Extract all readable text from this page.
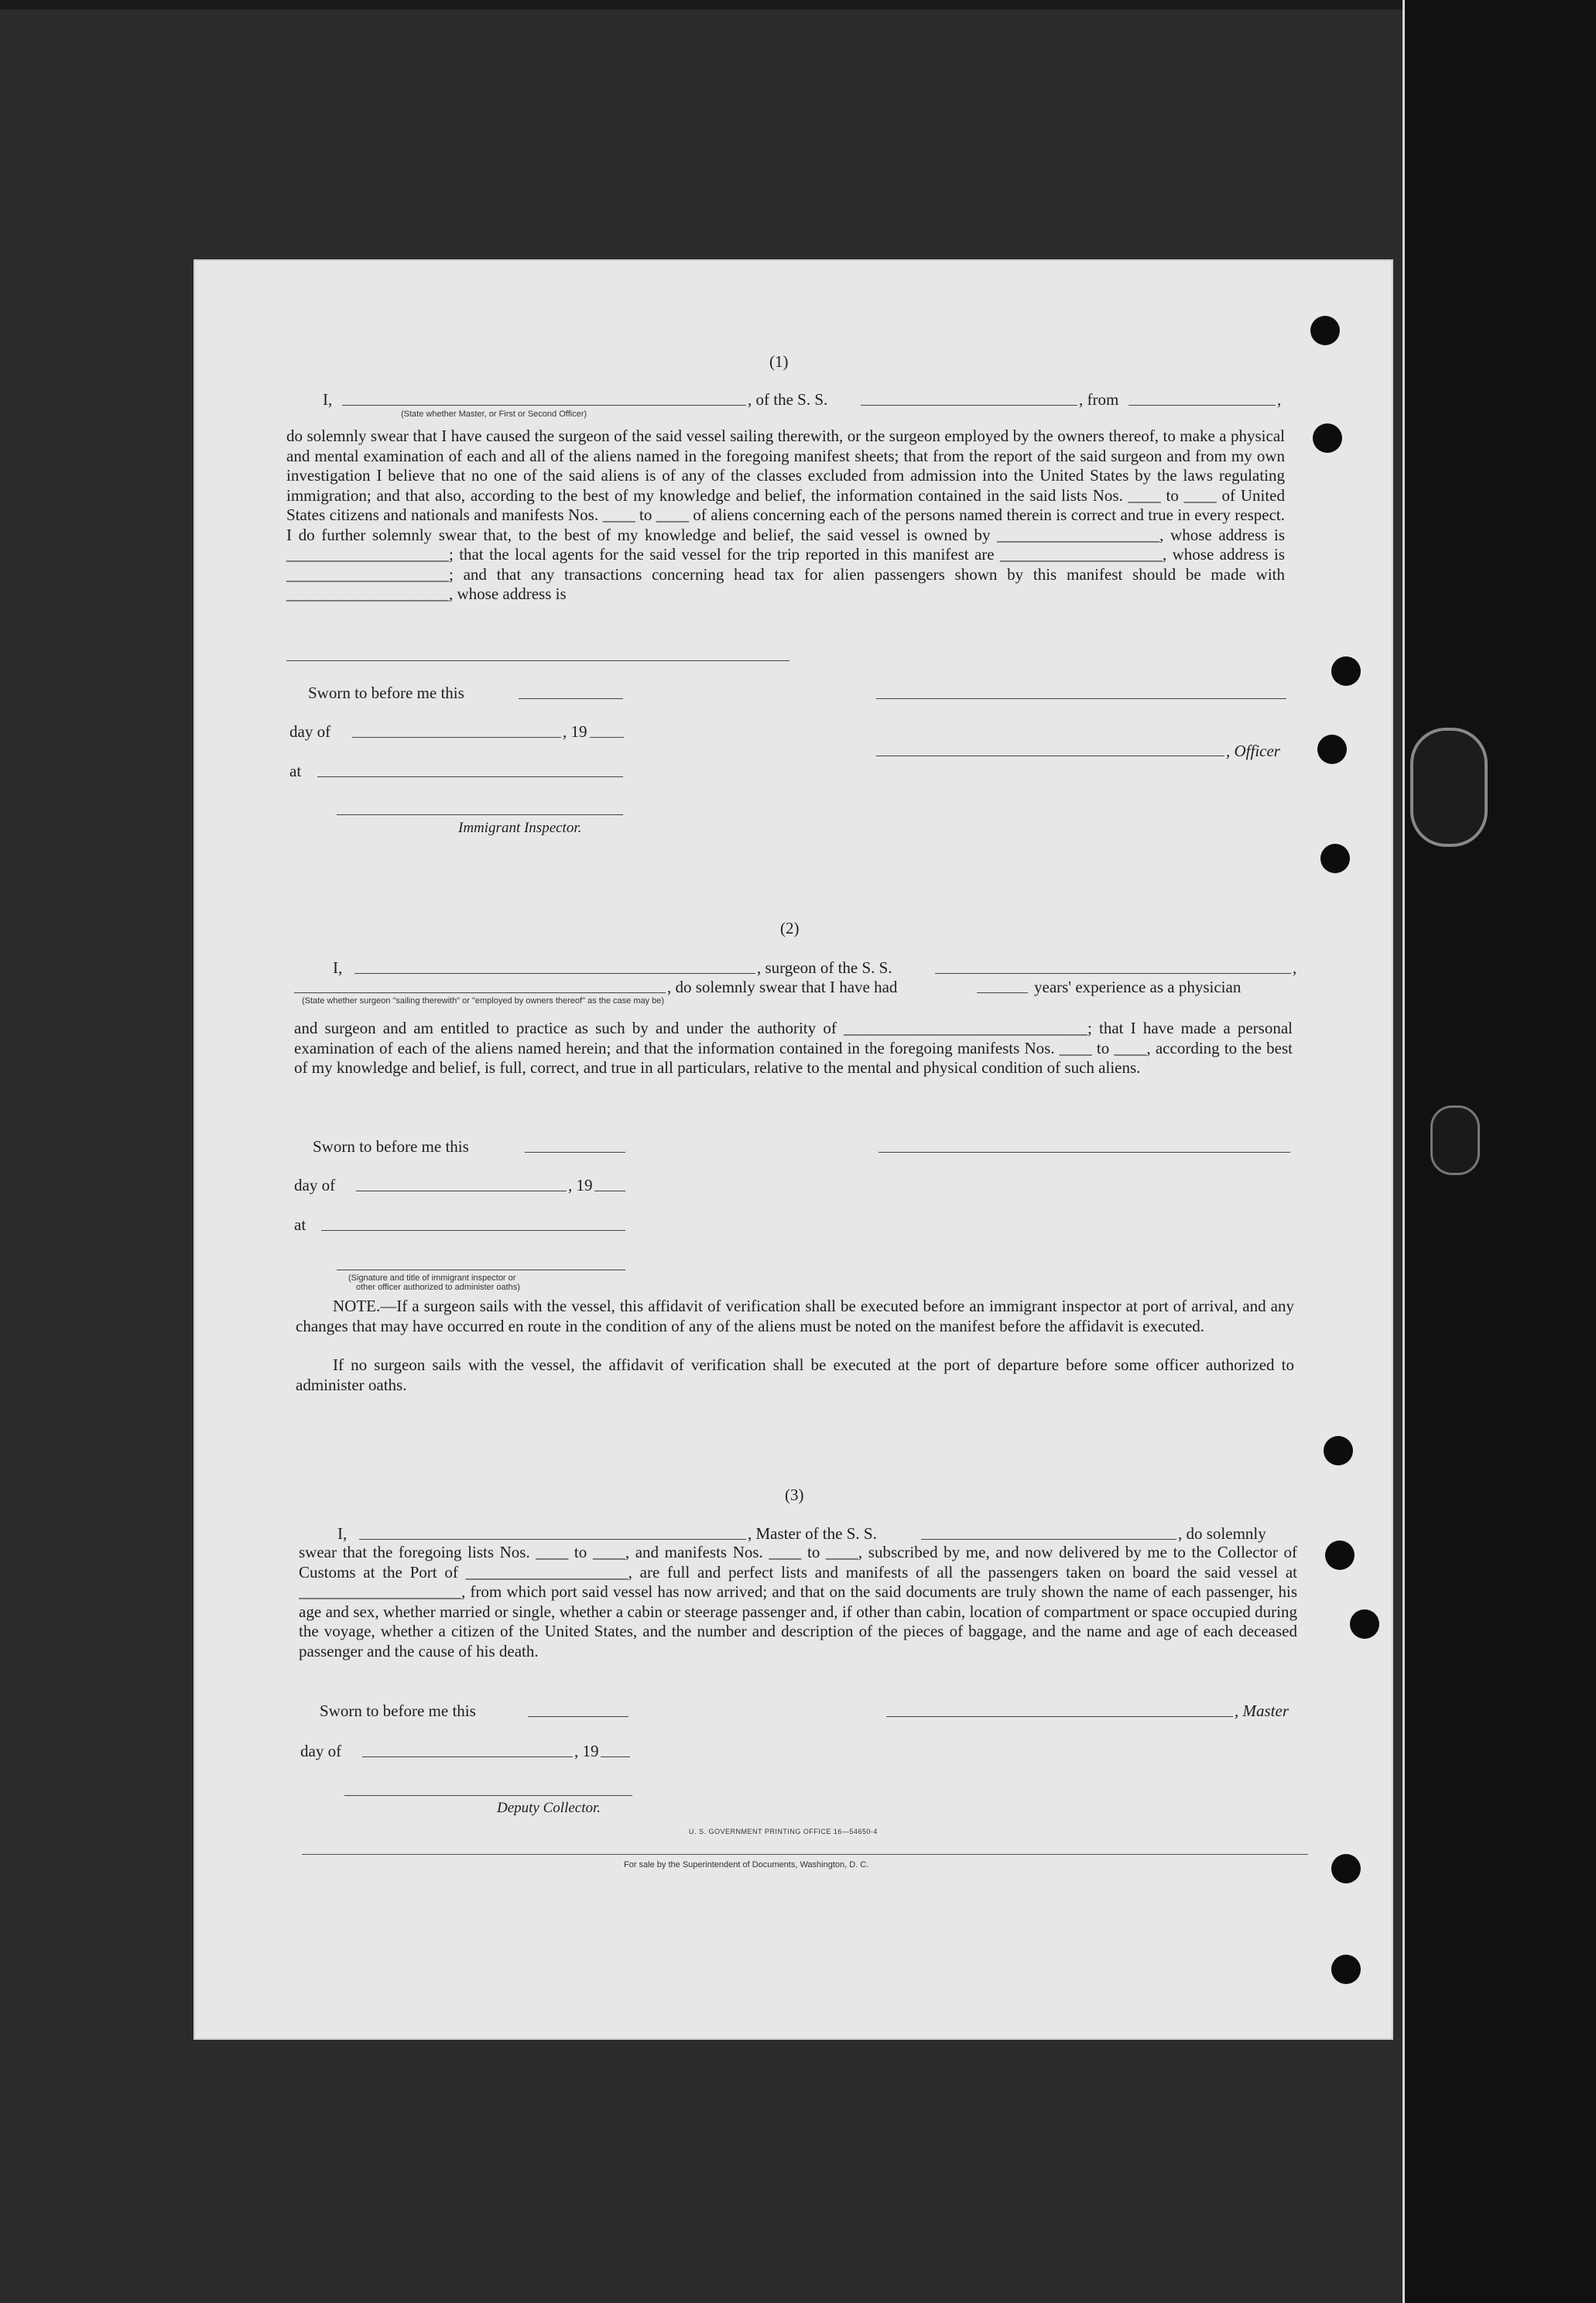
(1)
I,	, of the S. S.	, from	,
(State whether Master, or First or Second Officer)
do solemnly swear that I have caused the surgeon of the said vessel sailing therewith, or the surgeon employed by the owners thereof, to make a physical and mental examination of each and all of the aliens named in the foregoing manifest sheets; that from the report of the said surgeon and from my own investigation I believe that no one of the said aliens is of any of the classes excluded from admission into the United States by the laws regulating immigration; and that also, according to the best of my knowledge and belief, the information contained in the said lists Nos. ____ to ____ of United States citizens and nationals and manifests Nos. ____ to ____ of aliens concerning each of the persons named therein is correct and true in every respect. I do further solemnly swear that, to the best of my knowledge and belief, the said vessel is owned by ____________________, whose address is ____________________; that the local agents for the said vessel for the trip reported in this manifest are ____________________, whose address is ____________________; and that any transactions concerning head tax for alien passengers shown by this manifest should be made with ____________________, whose address is
Sworn to before me this
day of	, 19
, Officer
at
Immigrant Inspector.
(2)
I,	, surgeon of the S. S.	,
, do solemnly swear that I have had	years' experience as a physician
(State whether surgeon "sailing therewith" or "employed by owners thereof" as the case may be)
and surgeon and am entitled to practice as such by and under the authority of ______________________________; that I have made a personal examination of each of the aliens named herein; and that the information contained in the foregoing manifests Nos. ____ to ____, according to the best of my knowledge and belief, is full, correct, and true in all particulars, relative to the mental and physical condition of such aliens.
Sworn to before me this
day of	, 19
at
(Signature and title of immigrant inspector or
other officer authorized to administer oaths)
NOTE.—If a surgeon sails with the vessel, this affidavit of verification shall be executed before an immigrant inspector at port of arrival, and any changes that may have occurred en route in the condition of any of the aliens must be noted on the manifest before the affidavit is executed.
If no surgeon sails with the vessel, the affidavit of verification shall be executed at the port of departure before some officer authorized to administer oaths.
(3)
I,	, Master of the S. S.	, do solemnly
swear that the foregoing lists Nos. ____ to ____, and manifests Nos. ____ to ____, subscribed by me, and now delivered by me to the Collector of Customs at the Port of ____________________, are full and perfect lists and manifests of all the passengers taken on board the said vessel at ____________________, from which port said vessel has now arrived; and that on the said documents are truly shown the name of each passenger, his age and sex, whether married or single, whether a cabin or steerage passenger and, if other than cabin, location of compartment or space occupied during the voyage, whether a citizen of the United States, and the number and description of the pieces of baggage, and the name and age of each deceased passenger and the cause of his death.
Sworn to before me this	, Master
day of	, 19
Deputy Collector.
U. S. GOVERNMENT PRINTING OFFICE 16—54650-4
For sale by the Superintendent of Documents, Washington, D. C.
